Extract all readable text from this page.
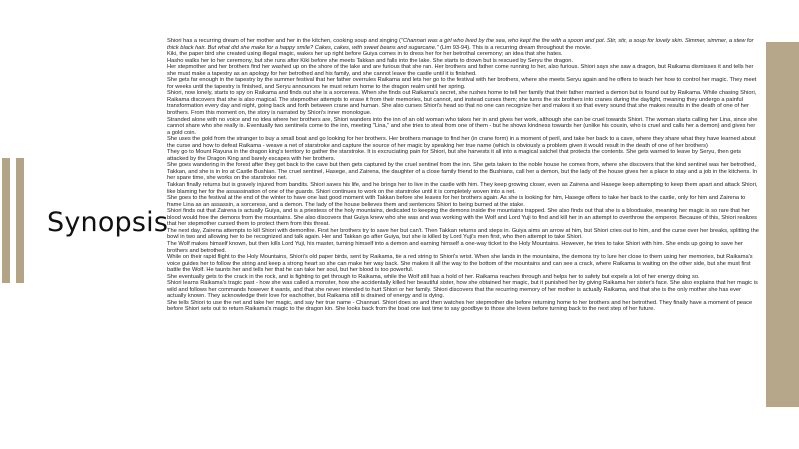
Synopsis

Shiori has a recurring dream of her mother and her in the kitchen, cooking soup and singing ("Channari was a girl who lived by the sea, who kept the fire with a spoon and pot. Stir, stir, a soup for lovely skin. Simmer, simmer, a stew for thick black hair. But what did she make for a happy smile? Cakes, cakes, with sweet beans and sugarcane." (Lim 93-94). This is a recurring dream throughout the movie.

Kiki, the paper bird she created using illegal magic, wakes her up right before Guiya comes in to dress her for her betrothal ceremony; an idea that she hates.

Hasho walks her to her ceremony, but she runs after Kiki before she meets Takkan and falls into the lake. She starts to drown but is rescued by Seryu the dragon.

Her stepmother and her brothers find her washed up on the shore of the lake and are furious that she ran. Her brothers and father come running to her, also furious. Shiori says she saw a dragon, but Raikama dismisses it and tells her she must make a tapestry as an apology for her betrothed and his family, and she cannot leave the castle until it is finished.

She gets far enough in the tapestry by the summer festival that her father overrules Raikama and lets her go to the festival with her brothers, where she meets Seryu again and he offers to teach her how to control her magic. They meet for weeks until the tapestry is finished, and Seryu announces he must return home to the dragon realm until her spring.

Shiori, now lonely, starts to spy on Raikama and finds out she is a sorceress. When she finds out Raikama's secret, she rushes home to tell her family that their father married a demon but is found out by Raikama. While chasing Shiori, Raikama discovers that she is also magical. The stepmother attempts to erase it from their memories, but cannot, and instead curses them; she turns the six brothers into cranes during the daylight, meaning they undergo a painful transformation every day and night, going back and forth between crane and human. She also curses Shiori's head so that no one can recognize her and makes it so that every sound that she makes results in the death of one of her brothers. From this moment on, the story is narrated by Shiori's inner monologue.

Stranded alone with no voice and no idea where her brothers are, Shiori wanders into the inn of an old woman who takes her in and gives her work, although she can be cruel towards Shiori. The woman starts calling her Lina, since she cannot share who she really is. Eventually two sentinels come to the inn, meeting "Lina," and she tries to steal from one of them - but he shows kindness towards her (unlike his cousin, who is cruel and calls her a demon) and gives her a gold coin.

She uses the gold from the stranger to buy a small boat and go looking for her brothers. Her brothers manage to find her (in crane form) in a moment of peril, and take her back to a cave, where they share what they have learned about the curse and how to defeat Raikama - weave a net of starstroke and capture the source of her magic by speaking her true name (which is obviously a problem given it would result in the death of one of her brothers)

They go to Mount Rayuna in the dragon king's territory to gather the starstroke. It is excruciating pain for Shiori, but she harvests it all into a magical satchel that protects the contents. She gets warned to leave by Seryu, then gets attacked by the Dragon King and barely escapes with her brothers.

She goes wandering in the forest after they get back to the cave but then gets captured by the cruel sentinel from the inn. She gets taken to the noble house he comes from, where she discovers that the kind sentinel was her betrothed, Takkan, and she is in Iro at Castle Bushian. The cruel sentinel, Hasege, and Zairena, the daughter of a close family friend to the Bushians, call her a demon, but the lady of the house gives her a place to stay and a job in the kitchens. In her spare time, she works on the starstroke net.

Takkan finally returns but is gravely injured from bandits. Shiori saves his life, and he brings her to live in the castle with him. They keep growing closer, even as Zairena and Hasege keep attempting to keep them apart and attack Shiori, like blaming her for the assassination of one of the guards. Shiori continues to work on the starstroke until it is completely woven into a net.

She goes to the festival at the end of the winter to have one last good moment with Takkan before she leaves for her brothers again. As she is looking for him, Hasege offers to take her back to the castle, only for him and Zairena to frame Lina as an assassin, a sorceress, and a demon. The lady of the house believes them and sentences Shiori to being burned at the stake.

Shiori finds out that Zairena is actually Guiya, and is a priestess of the holy mountains, dedicated to keeping the demons inside the mountains trapped. She also finds out that she is a bloodsake, meaning her magic is so rare that her blood would free the demons from the mountains. She also discovers that Guiya knew who she was and was working with the Wolf and Lord Yuji to find and kill her in an attempt to overthrow the emperor. Because of this, Shiori realizes that her stepmother cursed them to protect them from this threat.

The next day, Zairena attempts to kill Shiori with demonfire. First her brothers try to save her but can't. Then Takkan returns and steps in. Guiya aims an arrow at him, but Shiori cries out to him, and the curse over her breaks, splitting the bowl in two and allowing her to be recognized and talk again. Her and Takkan go after Guiya, but she is killed by Lord Yuji's men first, who then attempt to take Shiori.

The Wolf makes himself known, but then kills Lord Yuji, his master, turning himself into a demon and earning himself a one-way ticket to the Holy Mountains. However, he tries to take Shiori with him. She ends up going to save her brothers and betrothed.

While on their rapid flight to the Holy Mountains, Shiori's old paper birds, sent by Raikama, tie a red string to Shiori's wrist. When she lands in the mountains, the demons try to lure her close to them using her memories, but Raikama's voice guides her to follow the string and keep a strong heart so she can make her way back. She makes it all the way to the bottom of the mountains and can see a crack, where Raikama is waiting on the other side, but she must first battle the Wolf. He taunts her and tells her that he can take her soul, but her blood is too powerful.

She eventually gets to the crack in the rock, and is fighting to get through to Raikama, while the Wolf still has a hold of her. Raikama reaches through and helps her to safety but expels a lot of her energy doing so.

Shiori learns Raikama's tragic past - how she was called a monster, how she accidentally killed her beautiful sister, how she obtained her magic, but it punished her by giving Raikama her sister's face. She also explains that her magic is wild and follows her commands however it wants, and that she never intended to hurt Shiori or her family. Shiori discovers that the recurring memory of her mother is actually Raikama, and that she is the only mother she has ever actually known. They acknowledge their love for eachother, but Raikama still is drained of energy and is dying.

She tells Shiori to use the net and take her magic, and say her true name - Channari. Shiori does so and then watches her stepmother die before returning home to her brothers and her betrothed. They finally have a moment of peace before Shiori sets out to return Raikama's magic to the dragon kin. She looks back from the boat one last time to say goodbye to those she loves before turning back to the next step of her future.
